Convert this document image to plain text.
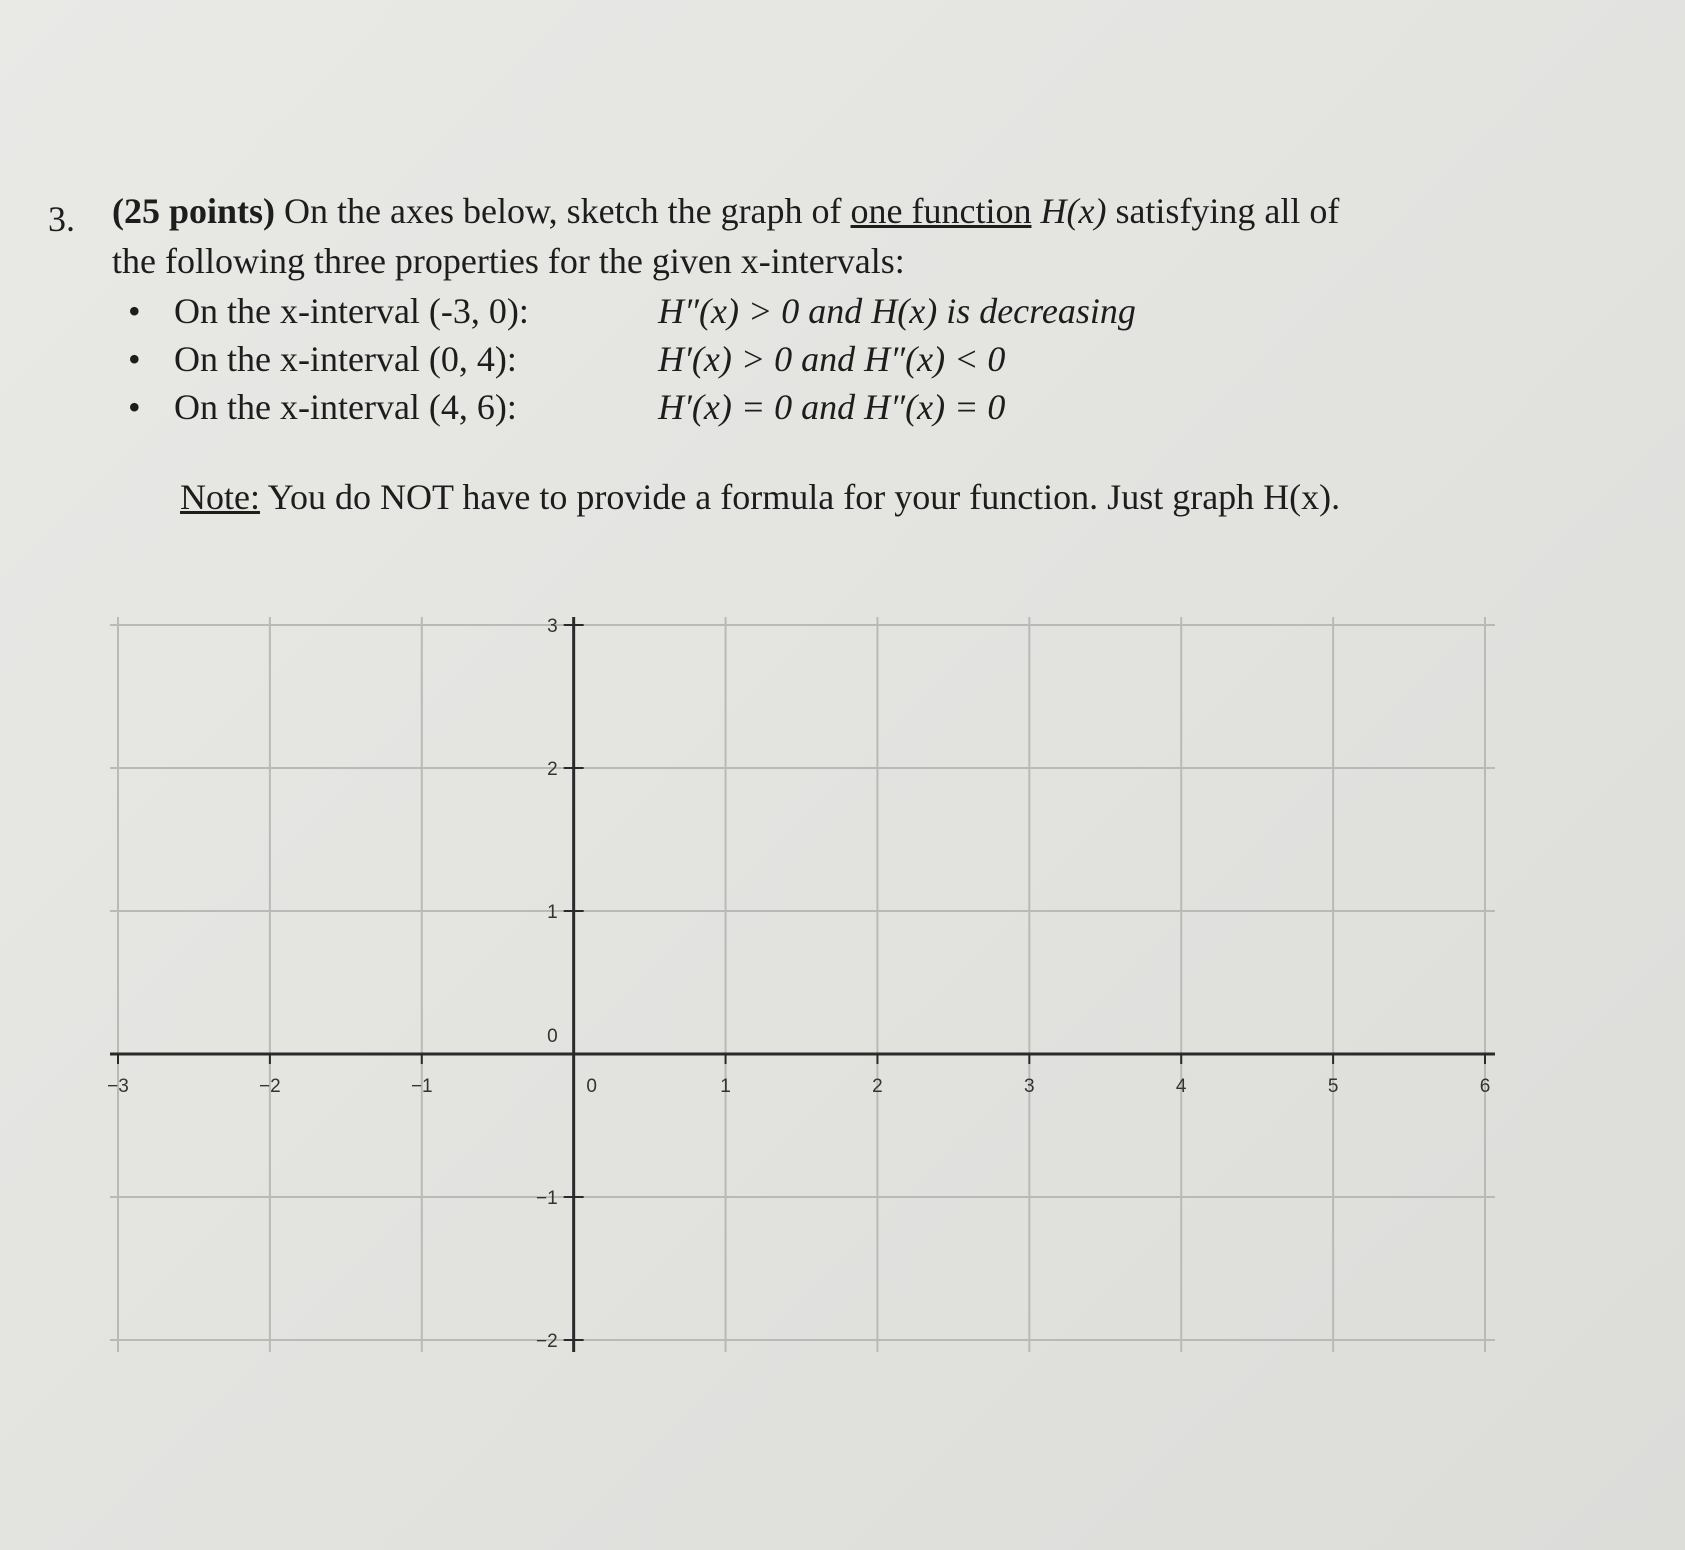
3. (25 points) On the axes below, sketch the graph of one function H(x) satisfying all of
the following three properties for the given x-intervals:
• On the x-interval (-3, 0):	H″(x) > 0 and H(x) is decreasing
• On the x-interval (0, 4):	H′(x) > 0 and H″(x) < 0
• On the x-interval (4, 6):	H′(x) = 0 and H″(x) = 0
Note: You do NOT have to provide a formula for your function. Just graph H(x).
−3	−2	−1	0	1	2	3	4	5	6
−2
−1
0
1
2
3
